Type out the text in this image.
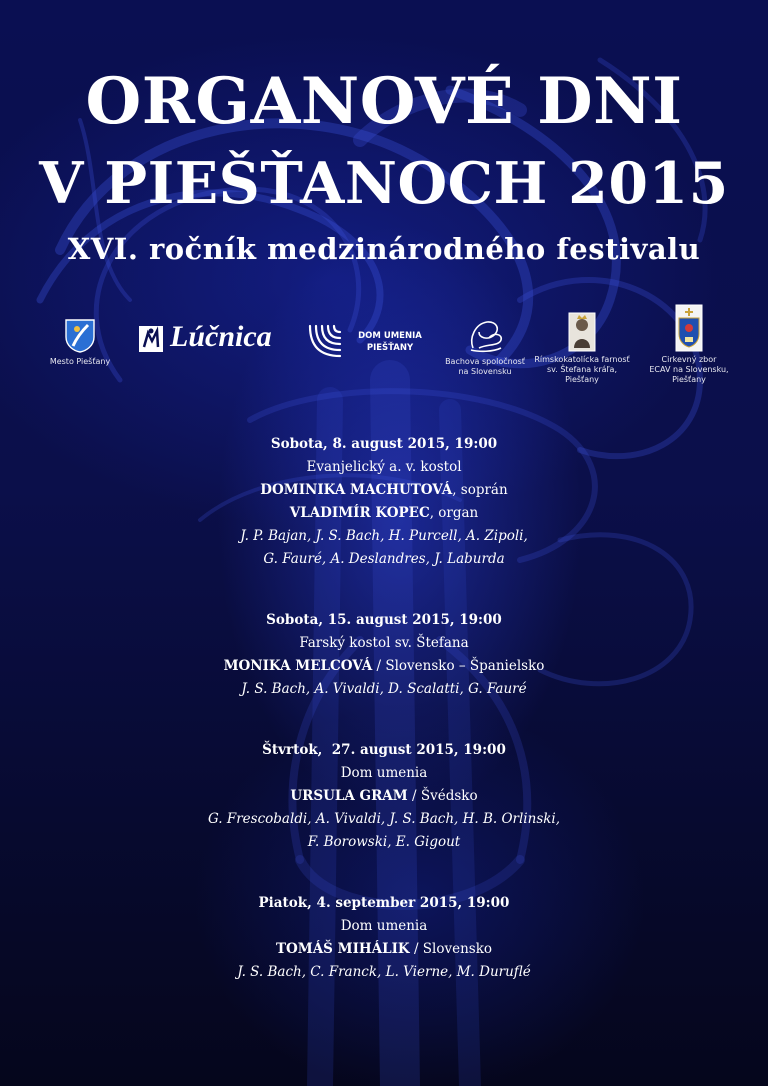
ORGANOVÉ DNI
V PIEŠŤANOCH 2015
XVI. ročník medzinárodného festivalu
Mesto Piešťany
Lúčnica	DOM UMENIA
PIEŠŤANY
Bachova spoločnosť
na Slovensku
Rímskokatolícka farnosť
sv. Štefana kráľa,
Piešťany
Cirkevný zbor
ECAV na Slovensku,
Piešťany
Sobota, 8. august 2015, 19:00
Evanjelický a. v. kostol
DOMINIKA MACHUTOVÁ, soprán
VLADIMÍR KOPEC, organ
J. P. Bajan, J. S. Bach, H. Purcell, A. Zipoli,
G. Fauré, A. Deslandres, J. Laburda
Sobota, 15. august 2015, 19:00
Farský kostol sv. Štefana
MONIKA MELCOVÁ / Slovensko – Španielsko
J. S. Bach, A. Vivaldi, D. Scalatti, G. Fauré
Štvrtok,  27. august 2015, 19:00
Dom umenia
URSULA GRAM / Švédsko
G. Frescobaldi, A. Vivaldi, J. S. Bach, H. B. Orlinski,
F. Borowski, E. Gigout
Piatok, 4. september 2015, 19:00
Dom umenia
TOMÁŠ MIHÁLIK / Slovensko
J. S. Bach, C. Franck, L. Vierne, M. Duruflé
